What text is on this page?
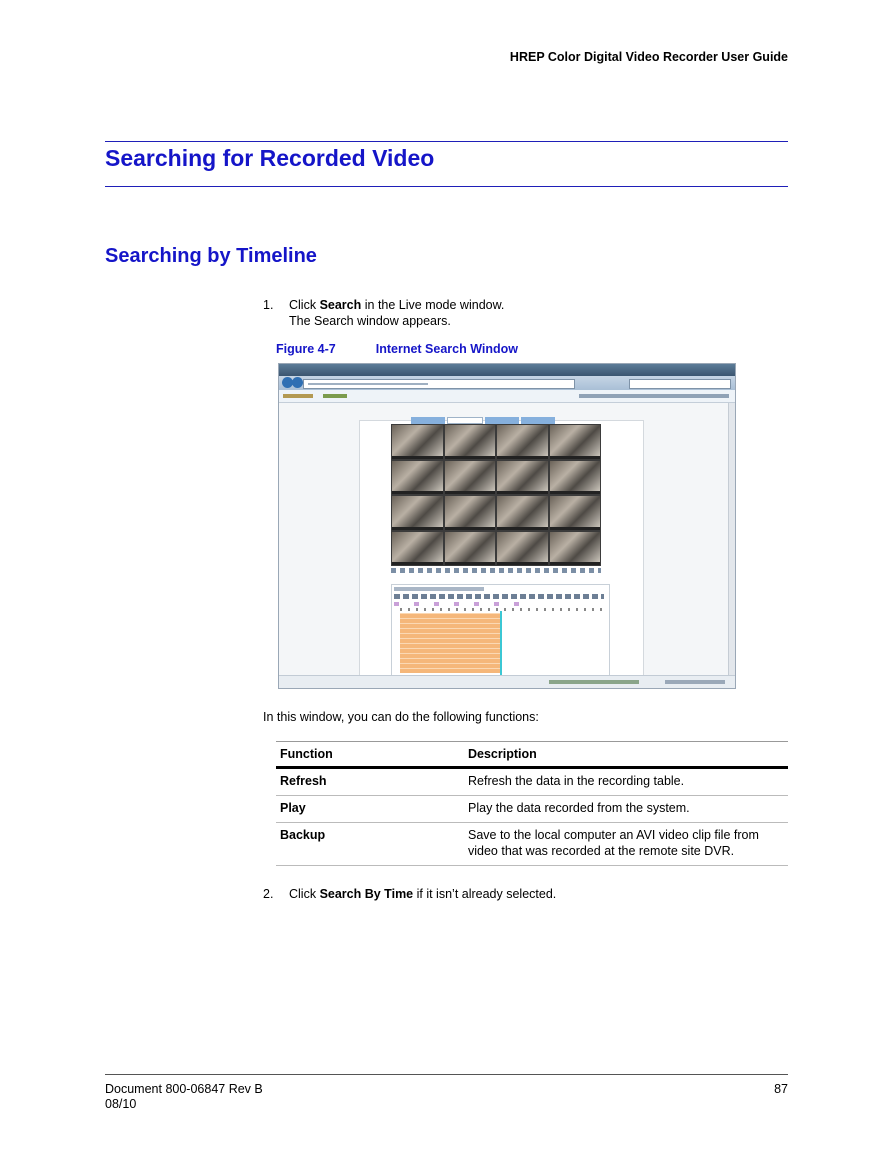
HREP Color Digital Video Recorder User Guide
Searching for Recorded Video
Searching by Timeline
1.	Click Search in the Live mode window.
The Search window appears.
Figure 4-7	Internet Search Window
In this window, you can do the following functions:
Function	Description
Refresh	Refresh the data in the recording table.
Play	Play the data recorded from the system.
Backup	Save to the local computer an AVI video clip file from
video that was recorded at the remote site DVR.
2.	Click Search By Time if it isn’t already selected.
Document 800-06847 Rev B
08/10
87
